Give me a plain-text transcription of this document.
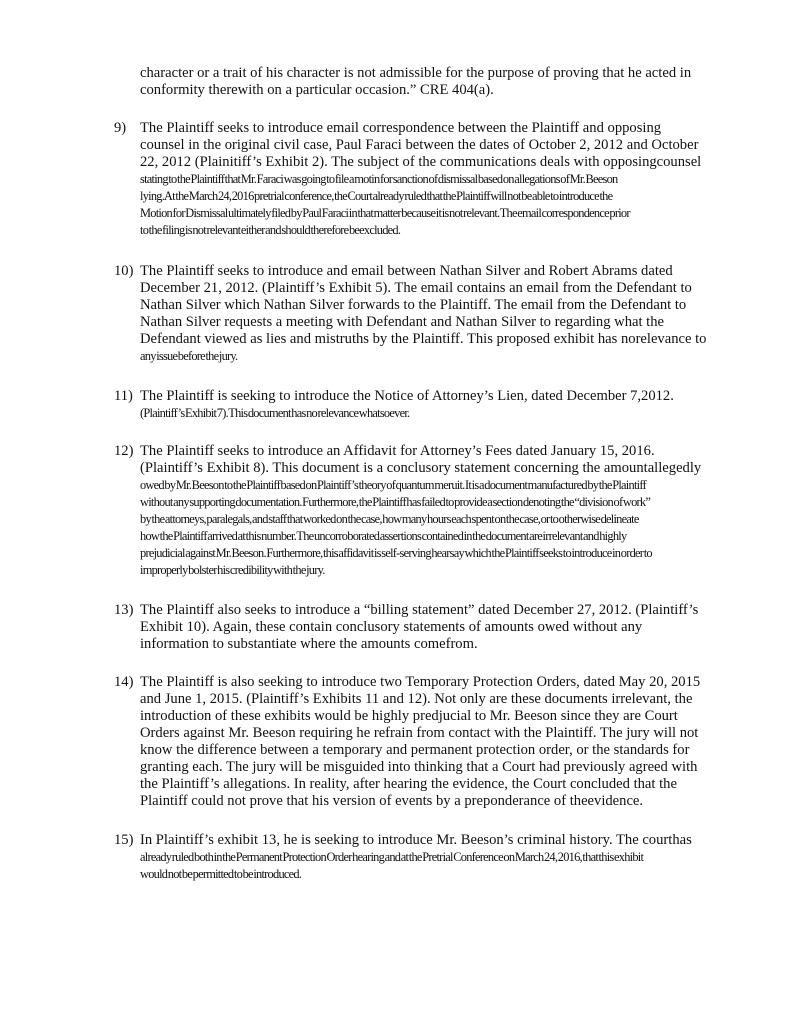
character or a trait of his character is not admissible for the purpose of proving that he acted in
conformity therewith on a particular occasion.” CRE 404(a).
9) The Plaintiff seeks to introduce email correspondence between the Plaintiff and opposing
counsel in the original civil case, Paul Faraci between the dates of October 2, 2012 and October
22, 2012 (Plainitiff’s Exhibit 2). The subject of the communications deals with opposingcounsel
stating to the Plaintiff that Mr. Faraci was going to file a motin for sanction of dismissal based on allegations of Mr. Beeson
lying. At the March 24, 2016 pretrial conference, the Court already ruled that the Plaintiff will not be able to introduce the
Motion for Dismissal ultimately filed by Paul Faraci in that matter because it is not relevant. The email correspondence prior
to the filing is not relevant either and should therefore beexcluded.
10) The Plaintiff seeks to introduce and email between Nathan Silver and Robert Abrams dated
December 21, 2012. (Plaintiff’s Exhibit 5). The email contains an email from the Defendant to
Nathan Silver which Nathan Silver forwards to the Plaintiff. The email from the Defendant to
Nathan Silver requests a meeting with Defendant and Nathan Silver to regarding what the
Defendant viewed as lies and mistruths by the Plaintiff. This proposed exhibit has norelevance to
any issue before the jury.
11) The Plaintiff is seeking to introduce the Notice of Attorney’s Lien, dated December 7,2012.
(Plaintiff’s Exhibit 7). This document has no relevance whatsoever.
12) The Plaintiff seeks to introduce an Affidavit for Attorney’s Fees dated January 15, 2016.
(Plaintiff’s Exhibit 8). This document is a conclusory statement concerning the amountallegedly
owed by Mr. Beeson to the Plaintiff based on Plaintiff’s theory of quantum meruit. It is a document manufactured by the Plaintiff
without any supporting documentation. Furthermore, the Plaintiff has failed to provide a section denoting the “division of work”
by the attorneys, paralegals, and staff that worked on the case, how many hours each spent on the case, or to otherwise delineate
how the Plaintiff arrived at this number. The uncorroborated assertions contained in the document are irrelevant and highly
prejudicial against Mr. Beeson. Furthermore, this affidavit is self-serving hearsay which the Plaintiff seeks to introduce in order to
improperly bolster his credibility with the jury.
13) The Plaintiff also seeks to introduce a “billing statement” dated December 27, 2012. (Plaintiff’s
Exhibit 10). Again, these contain conclusory statements of amounts owed without any
information to substantiate where the amounts comefrom.
14) The Plaintiff is also seeking to introduce two Temporary Protection Orders, dated May 20, 2015
and June 1, 2015. (Plaintiff’s Exhibits 11 and 12). Not only are these documents irrelevant, the
introduction of these exhibits would be highly predjucial to Mr. Beeson since they are Court
Orders against Mr. Beeson requiring he refrain from contact with the Plaintiff. The jury will not
know the difference between a temporary and permanent protection order, or the standards for
granting each. The jury will be misguided into thinking that a Court had previously agreed with
the Plaintiff’s allegations. In reality, after hearing the evidence, the Court concluded that the
Plaintiff could not prove that his version of events by a preponderance of theevidence.
15) In Plaintiff’s exhibit 13, he is seeking to introduce Mr. Beeson’s criminal history. The courthas
already ruled both in the Permanent Protection Order hearing and at the Pretrial Conference on March 24, 2016, that this exhibit
would not be permitted to be introduced.
